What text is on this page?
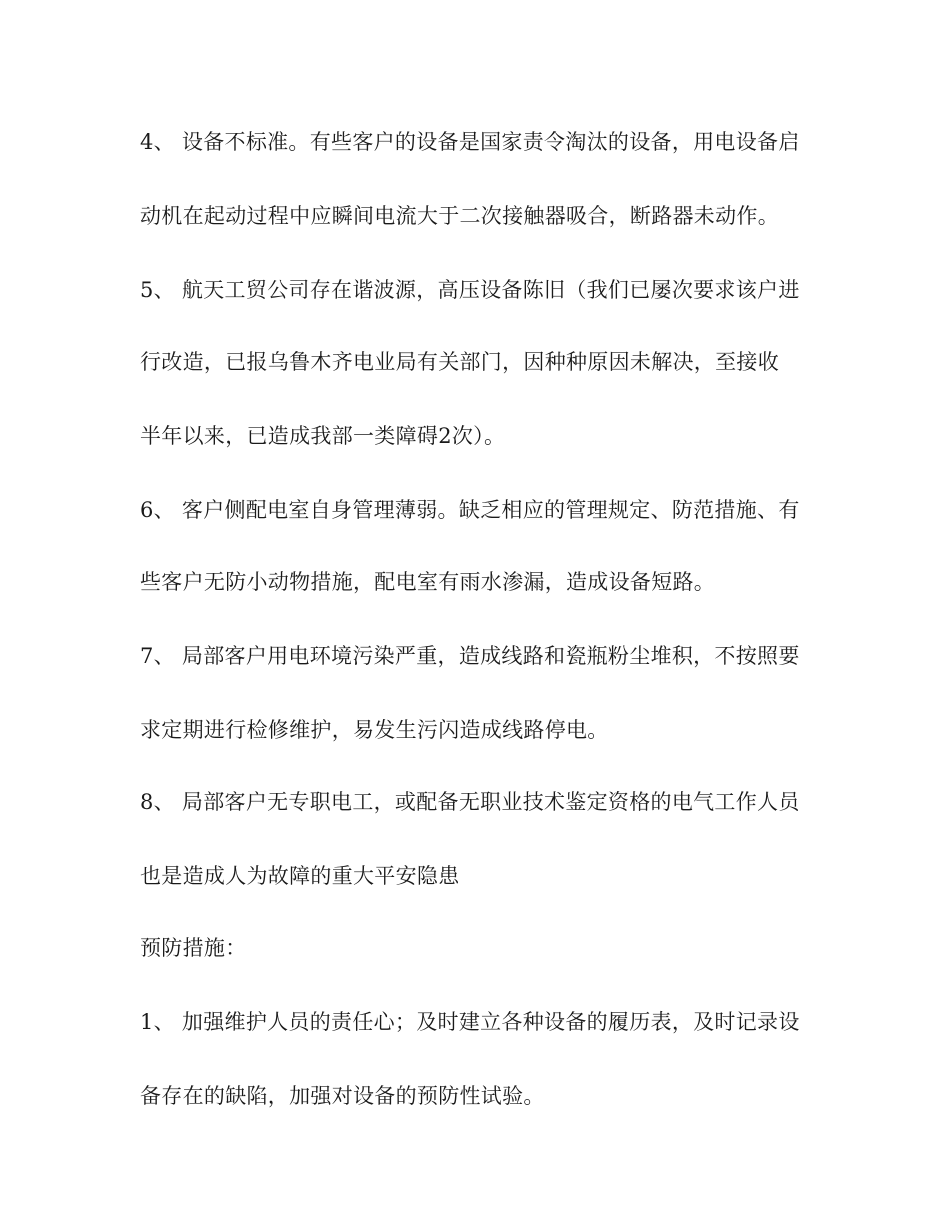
4、 设备不标准。有些客户的设备是国家责令淘汰的设备，用电设备启
动机在起动过程中应瞬间电流大于二次接触器吸合，断路器未动作。
5、 航天工贸公司存在谐波源，高压设备陈旧（我们已屡次要求该户进
行改造，已报乌鲁木齐电业局有关部门，因种种原因未解决，至接收
半年以来，已造成我部一类障碍2次）。
6、 客户侧配电室自身管理薄弱。缺乏相应的管理规定、防范措施、有
些客户无防小动物措施，配电室有雨水渗漏，造成设备短路。
7、 局部客户用电环境污染严重，造成线路和瓷瓶粉尘堆积，不按照要
求定期进行检修维护，易发生污闪造成线路停电。
8、 局部客户无专职电工，或配备无职业技术鉴定资格的电气工作人员
也是造成人为故障的重大平安隐患
预防措施：
1、 加强维护人员的责任心；及时建立各种设备的履历表，及时记录设
备存在的缺陷，加强对设备的预防性试验。
